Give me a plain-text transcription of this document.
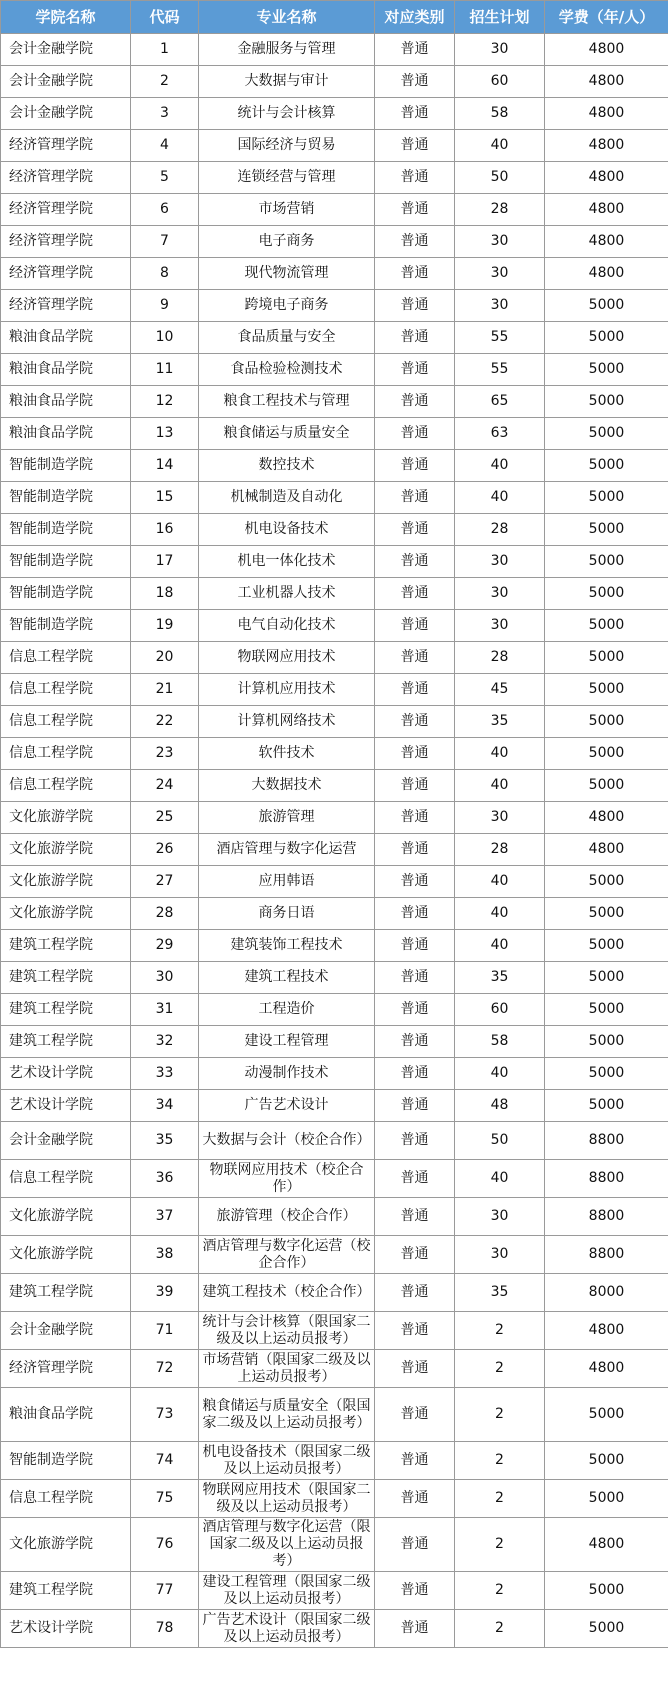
学院名称	代码	专业名称	对应类别	招生计划	学费（年/人）
会计金融学院	1	金融服务与管理	普通	30	4800
会计金融学院	2	大数据与审计	普通	60	4800
会计金融学院	3	统计与会计核算	普通	58	4800
经济管理学院	4	国际经济与贸易	普通	40	4800
经济管理学院	5	连锁经营与管理	普通	50	4800
经济管理学院	6	市场营销	普通	28	4800
经济管理学院	7	电子商务	普通	30	4800
经济管理学院	8	现代物流管理	普通	30	4800
经济管理学院	9	跨境电子商务	普通	30	5000
粮油食品学院	10	食品质量与安全	普通	55	5000
粮油食品学院	11	食品检验检测技术	普通	55	5000
粮油食品学院	12	粮食工程技术与管理	普通	65	5000
粮油食品学院	13	粮食储运与质量安全	普通	63	5000
智能制造学院	14	数控技术	普通	40	5000
智能制造学院	15	机械制造及自动化	普通	40	5000
智能制造学院	16	机电设备技术	普通	28	5000
智能制造学院	17	机电一体化技术	普通	30	5000
智能制造学院	18	工业机器人技术	普通	30	5000
智能制造学院	19	电气自动化技术	普通	30	5000
信息工程学院	20	物联网应用技术	普通	28	5000
信息工程学院	21	计算机应用技术	普通	45	5000
信息工程学院	22	计算机网络技术	普通	35	5000
信息工程学院	23	软件技术	普通	40	5000
信息工程学院	24	大数据技术	普通	40	5000
文化旅游学院	25	旅游管理	普通	30	4800
文化旅游学院	26	酒店管理与数字化运营	普通	28	4800
文化旅游学院	27	应用韩语	普通	40	5000
文化旅游学院	28	商务日语	普通	40	5000
建筑工程学院	29	建筑装饰工程技术	普通	40	5000
建筑工程学院	30	建筑工程技术	普通	35	5000
建筑工程学院	31	工程造价	普通	60	5000
建筑工程学院	32	建设工程管理	普通	58	5000
艺术设计学院	33	动漫制作技术	普通	40	5000
艺术设计学院	34	广告艺术设计	普通	48	5000
会计金融学院	35	大数据与会计（校企合作）	普通	50	8800
信息工程学院	36	物联网应用技术（校企合作）	普通	40	8800
文化旅游学院	37	旅游管理（校企合作）	普通	30	8800
文化旅游学院	38	酒店管理与数字化运营（校企合作）	普通	30	8800
建筑工程学院	39	建筑工程技术（校企合作）	普通	35	8000
会计金融学院	71	统计与会计核算（限国家二级及以上运动员报考）	普通	2	4800
经济管理学院	72	市场营销（限国家二级及以上运动员报考）	普通	2	4800
粮油食品学院	73	粮食储运与质量安全（限国家二级及以上运动员报考）	普通	2	5000
智能制造学院	74	机电设备技术（限国家二级及以上运动员报考）	普通	2	5000
信息工程学院	75	物联网应用技术（限国家二级及以上运动员报考）	普通	2	5000
文化旅游学院	76	酒店管理与数字化运营（限国家二级及以上运动员报考）	普通	2	4800
建筑工程学院	77	建设工程管理（限国家二级及以上运动员报考）	普通	2	5000
艺术设计学院	78	广告艺术设计（限国家二级及以上运动员报考）	普通	2	5000
